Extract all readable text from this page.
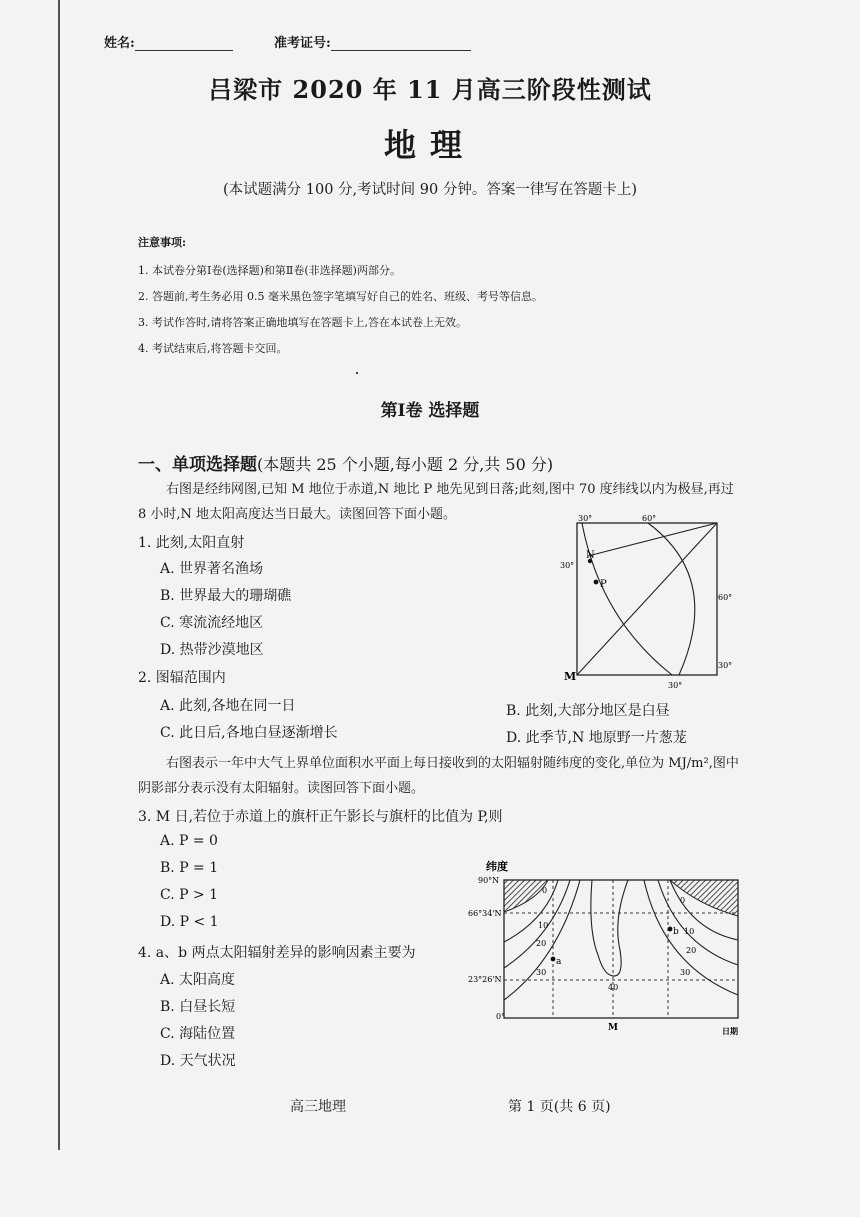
姓名:	准考证号:
吕梁市 2020 年 11 月高三阶段性测试
地理
(本试题满分 100 分,考试时间 90 分钟。答案一律写在答题卡上)
注意事项:
1. 本试卷分第Ⅰ卷(选择题)和第Ⅱ卷(非选择题)两部分。
2. 答题前,考生务必用 0.5 毫米黑色签字笔填写好自己的姓名、班级、考号等信息。
3. 考试作答时,请将答案正确地填写在答题卡上,答在本试卷上无效。
4. 考试结束后,将答题卡交回。
第Ⅰ卷 选择题
一、单项选择题(本题共 25 个小题,每小题 2 分,共 50 分)
右图是经纬网图,已知 M 地位于赤道,N 地比 P 地先见到日落;此刻,图中 70 度纬线以内为极昼,再过
8 小时,N 地太阳高度达当日最大。读图回答下面小题。
1. 此刻,太阳直射
A. 世界著名渔场
B. 世界最大的珊瑚礁
C. 寒流流经地区
D. 热带沙漠地区
2. 图辐范围内
A. 此刻,各地在同一日	B. 此刻,大部分地区是白昼
C. 此日后,各地白昼逐渐增长	D. 此季节,N 地原野一片葱茏
右图表示一年中大气上界单位面积水平面上每日接收到的太阳辐射随纬度的变化,单位为 MJ/m²,图中
阴影部分表示没有太阳辐射。读图回答下面小题。
3. M 日,若位于赤道上的旗杆正午影长与旗杆的比值为 P,则
A. P = 0
B. P = 1
C. P > 1
D. P < 1
4. a、b 两点太阳辐射差异的影响因素主要为
A. 太阳高度
B. 白昼长短
C. 海陆位置
D. 天气状况
30°	60°
30°
60°
30°
30°
N
P
M
纬度
90°N
66°34'N
23°26'N
0°
0
10
20
30
40
30
20
10
0
a
b
M	日期
高三地理	第 1 页(共 6 页)
